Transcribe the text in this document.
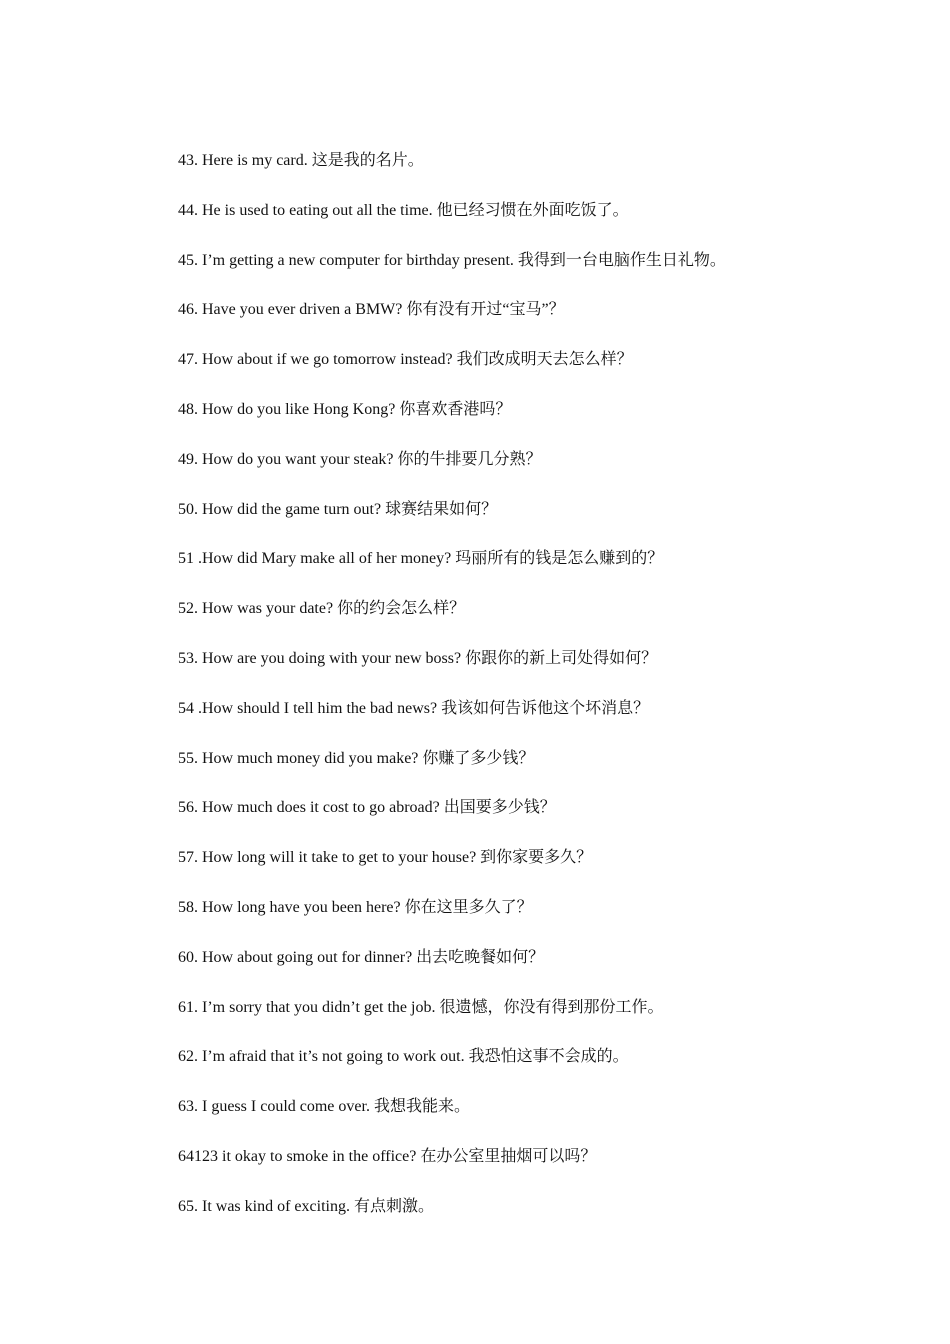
43. Here is my card. 这是我的名片。
44. He is used to eating out all the time. 他已经习惯在外面吃饭了。
45. I’m getting a new computer for birthday present. 我得到一台电脑作生日礼物。
46. Have you ever driven a BMW? 你有没有开过“宝马”？
47. How about if we go tomorrow instead? 我们改成明天去怎么样？
48. How do you like Hong Kong? 你喜欢香港吗？
49. How do you want your steak? 你的牛排要几分熟？
50. How did the game turn out? 球赛结果如何？
51 .How did Mary make all of her money? 玛丽所有的钱是怎么赚到的？
52. How was your date? 你的约会怎么样？
53. How are you doing with your new boss? 你跟你的新上司处得如何？
54 .How should I tell him the bad news? 我该如何告诉他这个坏消息？
55. How much money did you make? 你赚了多少钱？
56. How much does it cost to go abroad? 出国要多少钱？
57. How long will it take to get to your house? 到你家要多久？
58. How long have you been here? 你在这里多久了？
60. How about going out for dinner? 出去吃晚餐如何？
61. I’m sorry that you didn’t get the job. 很遗憾，你没有得到那份工作。
62. I’m afraid that it’s not going to work out. 我恐怕这事不会成的。
63. I guess I could come over. 我想我能来。
64123 it okay to smoke in the office? 在办公室里抽烟可以吗？
65. It was kind of exciting. 有点刺激。
